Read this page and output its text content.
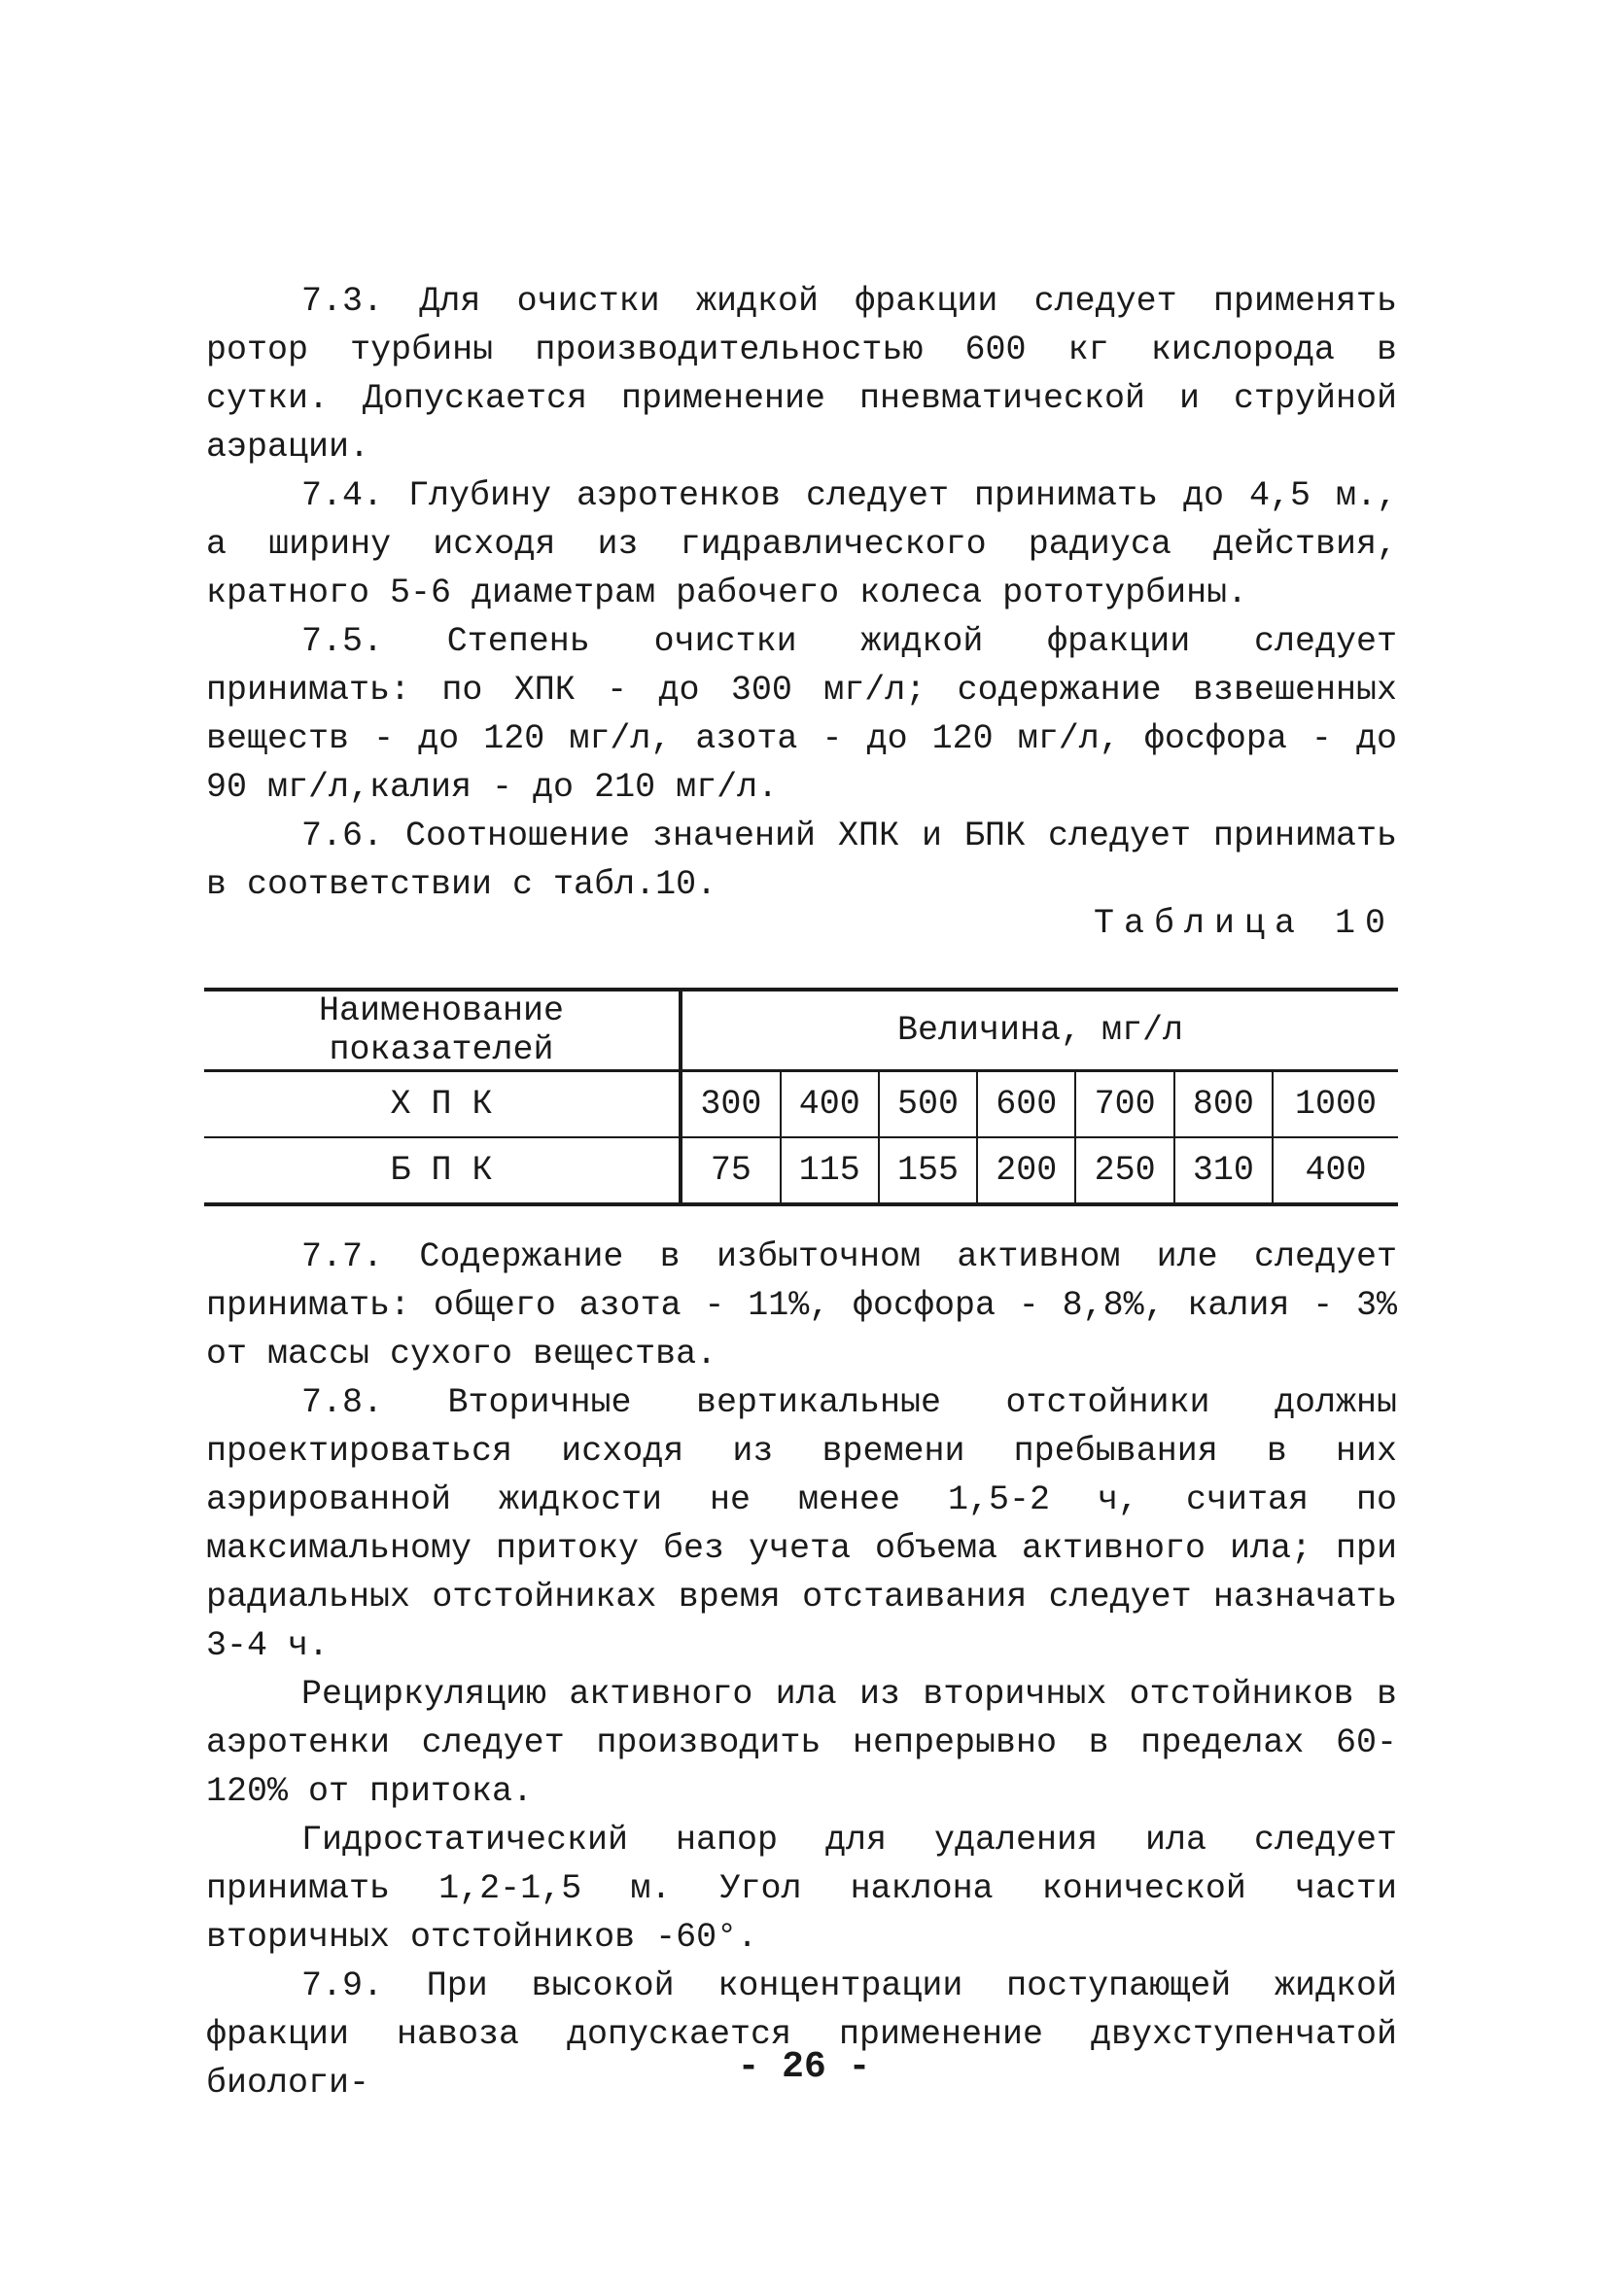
7.3. Для очистки жидкой фракции следует применять ротор турбины производительностью 600 кг кислорода в сутки. Допускается применение пневматической и струйной аэрации.

7.4. Глубину аэротенков следует принимать до 4,5 м., а ширину исходя из гидравлического радиуса действия, кратного 5-6 диаметрам рабочего колеса рототурбины.

7.5. Степень очистки жидкой фракции следует принимать: по ХПК - до 300 мг/л; содержание взвешенных веществ - до 120 мг/л, азота - до 120 мг/л, фосфора - до 90 мг/л,калия - до 210 мг/л.

7.6. Соотношение значений ХПК и БПК следует принимать в соответствии с табл.10.

Таблица 10
Наименование показателей	Величина, мг/л						
Х П К	300	400	500	600	700	800	1000
Б П К	75	115	155	200	250	310	400

7.7. Содержание в избыточном активном иле следует принимать: общего азота - 11%, фосфора - 8,8%, калия - 3% от массы сухого вещества.

7.8. Вторичные вертикальные отстойники должны проектироваться исходя из времени пребывания в них аэрированной жидкости не менее 1,5-2 ч, считая по максимальному притоку без учета объема активного ила; при радиальных отстойниках время отстаивания следует назначать 3-4 ч.

Рециркуляцию активного ила из вторичных отстойников в аэротенки следует производить непрерывно в пределах 60-120% от притока.

Гидростатический напор для удаления ила следует принимать 1,2-1,5 м. Угол наклона конической части вторичных отстойников -60°.

7.9. При высокой концентрации поступающей жидкой фракции навоза допускается применение двухступенчатой биологи-	- 26 -
